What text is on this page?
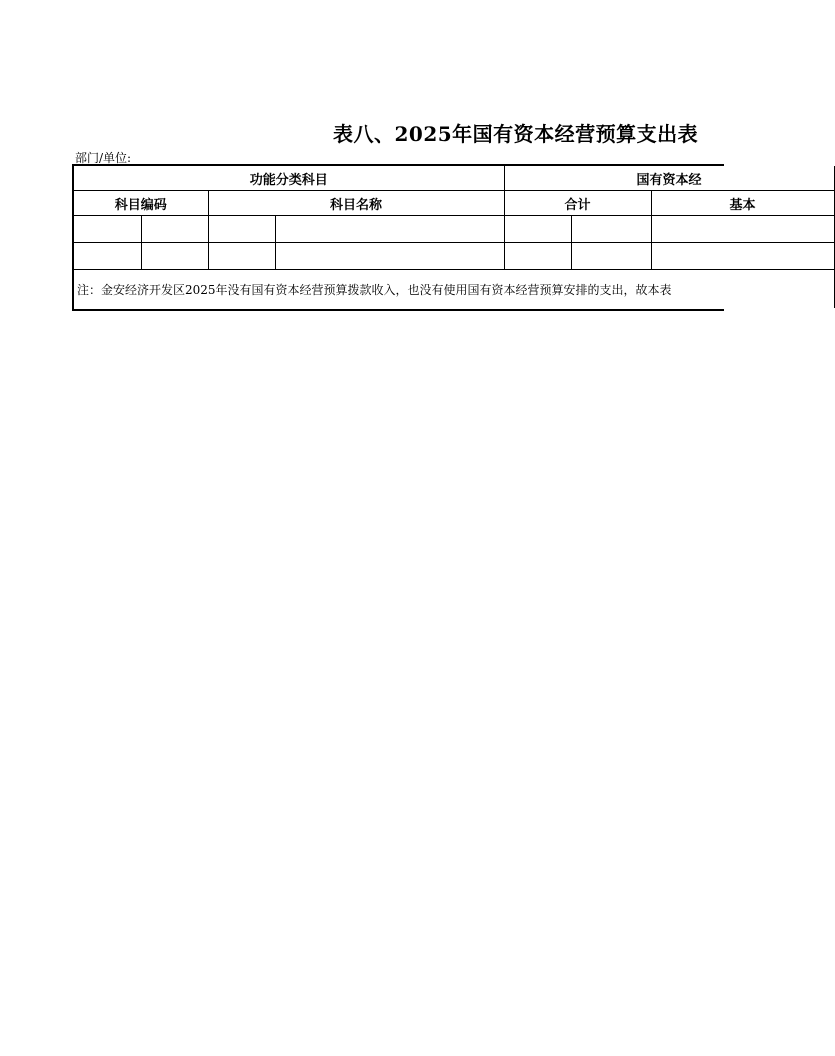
表八、2025年国有资本经营预算支出表
部门/单位:
功能分类科目				国有资本经		
科目编码		科目名称		合计		基本

注：金安经济开发区2025年没有国有资本经营预算拨款收入，也没有使用国有资本经营预算安排的支出，故本表						
